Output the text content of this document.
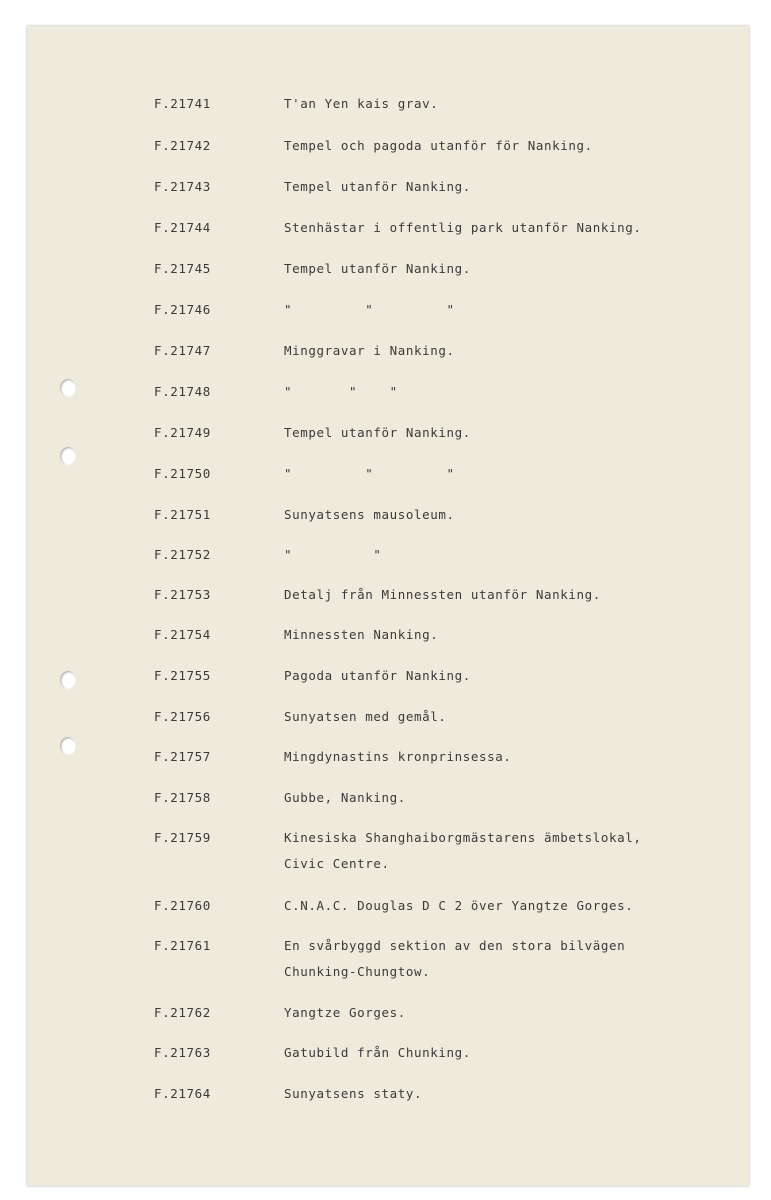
F.21741	T'an Yen kais grav.
F.21742	Tempel och pagoda utanför för Nanking.
F.21743	Tempel utanför Nanking.
F.21744	Stenhästar i offentlig park utanför Nanking.
F.21745	Tempel utanför Nanking.
F.21746	"         "         "
F.21747	Minggravar i Nanking.
F.21748	"       "    "
F.21749	Tempel utanför Nanking.
F.21750	"         "         "
F.21751	Sunyatsens mausoleum.
F.21752	"          "
F.21753	Detalj från Minnessten utanför Nanking.
F.21754	Minnessten Nanking.
F.21755	Pagoda utanför Nanking.
F.21756	Sunyatsen med gemål.
F.21757	Mingdynastins kronprinsessa.
F.21758	Gubbe, Nanking.
F.21759	Kinesiska Shanghaiborgmästarens ämbetslokal,
Civic Centre.
F.21760	C.N.A.C. Douglas D C 2 över Yangtze Gorges.
F.21761	En svårbyggd sektion av den stora bilvägen
Chunking-Chungtow.
F.21762	Yangtze Gorges.
F.21763	Gatubild från Chunking.
F.21764	Sunyatsens staty.
